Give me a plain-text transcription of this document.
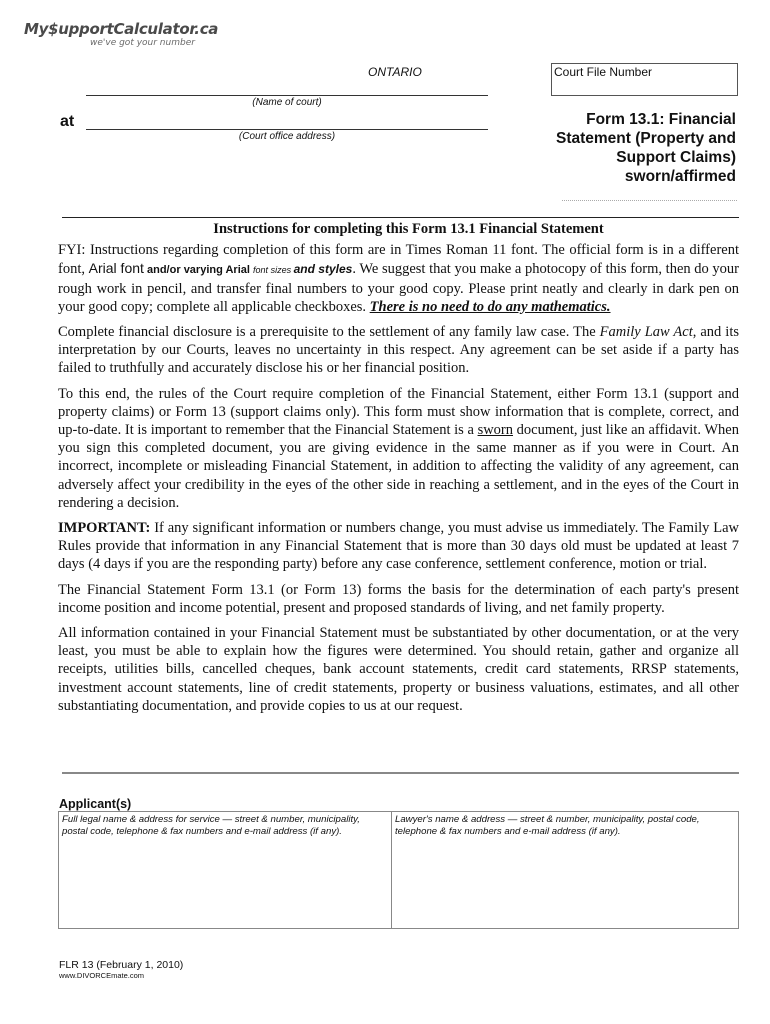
My$upportCalculator.ca
we've got your number
ONTARIO
(Name of court)
at
(Court office address)
Court File Number
Form 13.1: Financial Statement (Property and Support Claims) sworn/affirmed
Instructions for completing this Form 13.1 Financial Statement

FYI: Instructions regarding completion of this form are in Times Roman 11 font. The official form is in a different font, Arial font and/or varying Arial font sizes and styles. We suggest that you make a photocopy of this form, then do your rough work in pencil, and transfer final numbers to your good copy. Please print neatly and clearly in dark pen on your good copy; complete all applicable checkboxes. There is no need to do any mathematics.

Complete financial disclosure is a prerequisite to the settlement of any family law case. The Family Law Act, and its interpretation by our Courts, leaves no uncertainty in this respect. Any agreement can be set aside if a party has failed to truthfully and accurately disclose his or her financial position.

To this end, the rules of the Court require completion of the Financial Statement, either Form 13.1 (support and property claims) or Form 13 (support claims only). This form must show information that is complete, correct, and up-to-date. It is important to remember that the Financial Statement is a sworn document, just like an affidavit. When you sign this completed document, you are giving evidence in the same manner as if you were in Court. An incorrect, incomplete or misleading Financial Statement, in addition to affecting the validity of any agreement, can adversely affect your credibility in the eyes of the other side in reaching a settlement, and in the eyes of the Court in rendering a decision.

IMPORTANT: If any significant information or numbers change, you must advise us immediately. The Family Law Rules provide that information in any Financial Statement that is more than 30 days old must be updated at least 7 days (4 days if you are the responding party) before any case conference, settlement conference, motion or trial.

The Financial Statement Form 13.1 (or Form 13) forms the basis for the determination of each party's present income position and income potential, present and proposed standards of living, and net family property.

All information contained in your Financial Statement must be substantiated by other documentation, or at the very least, you must be able to explain how the figures were determined. You should retain, gather and organize all receipts, utilities bills, cancelled cheques, bank account statements, credit card statements, RRSP statements, investment account statements, line of credit statements, property or business valuations, estimates, and all other substantiating documentation, and provide copies to us at our request.

Applicant(s)
Full legal name & address for service — street & number, municipality, postal code, telephone & fax numbers and e-mail address (if any).
Lawyer's name & address — street & number, municipality, postal code, telephone & fax numbers and e-mail address (if any).
FLR 13 (February 1, 2010)
www.DIVORCEmate.com
